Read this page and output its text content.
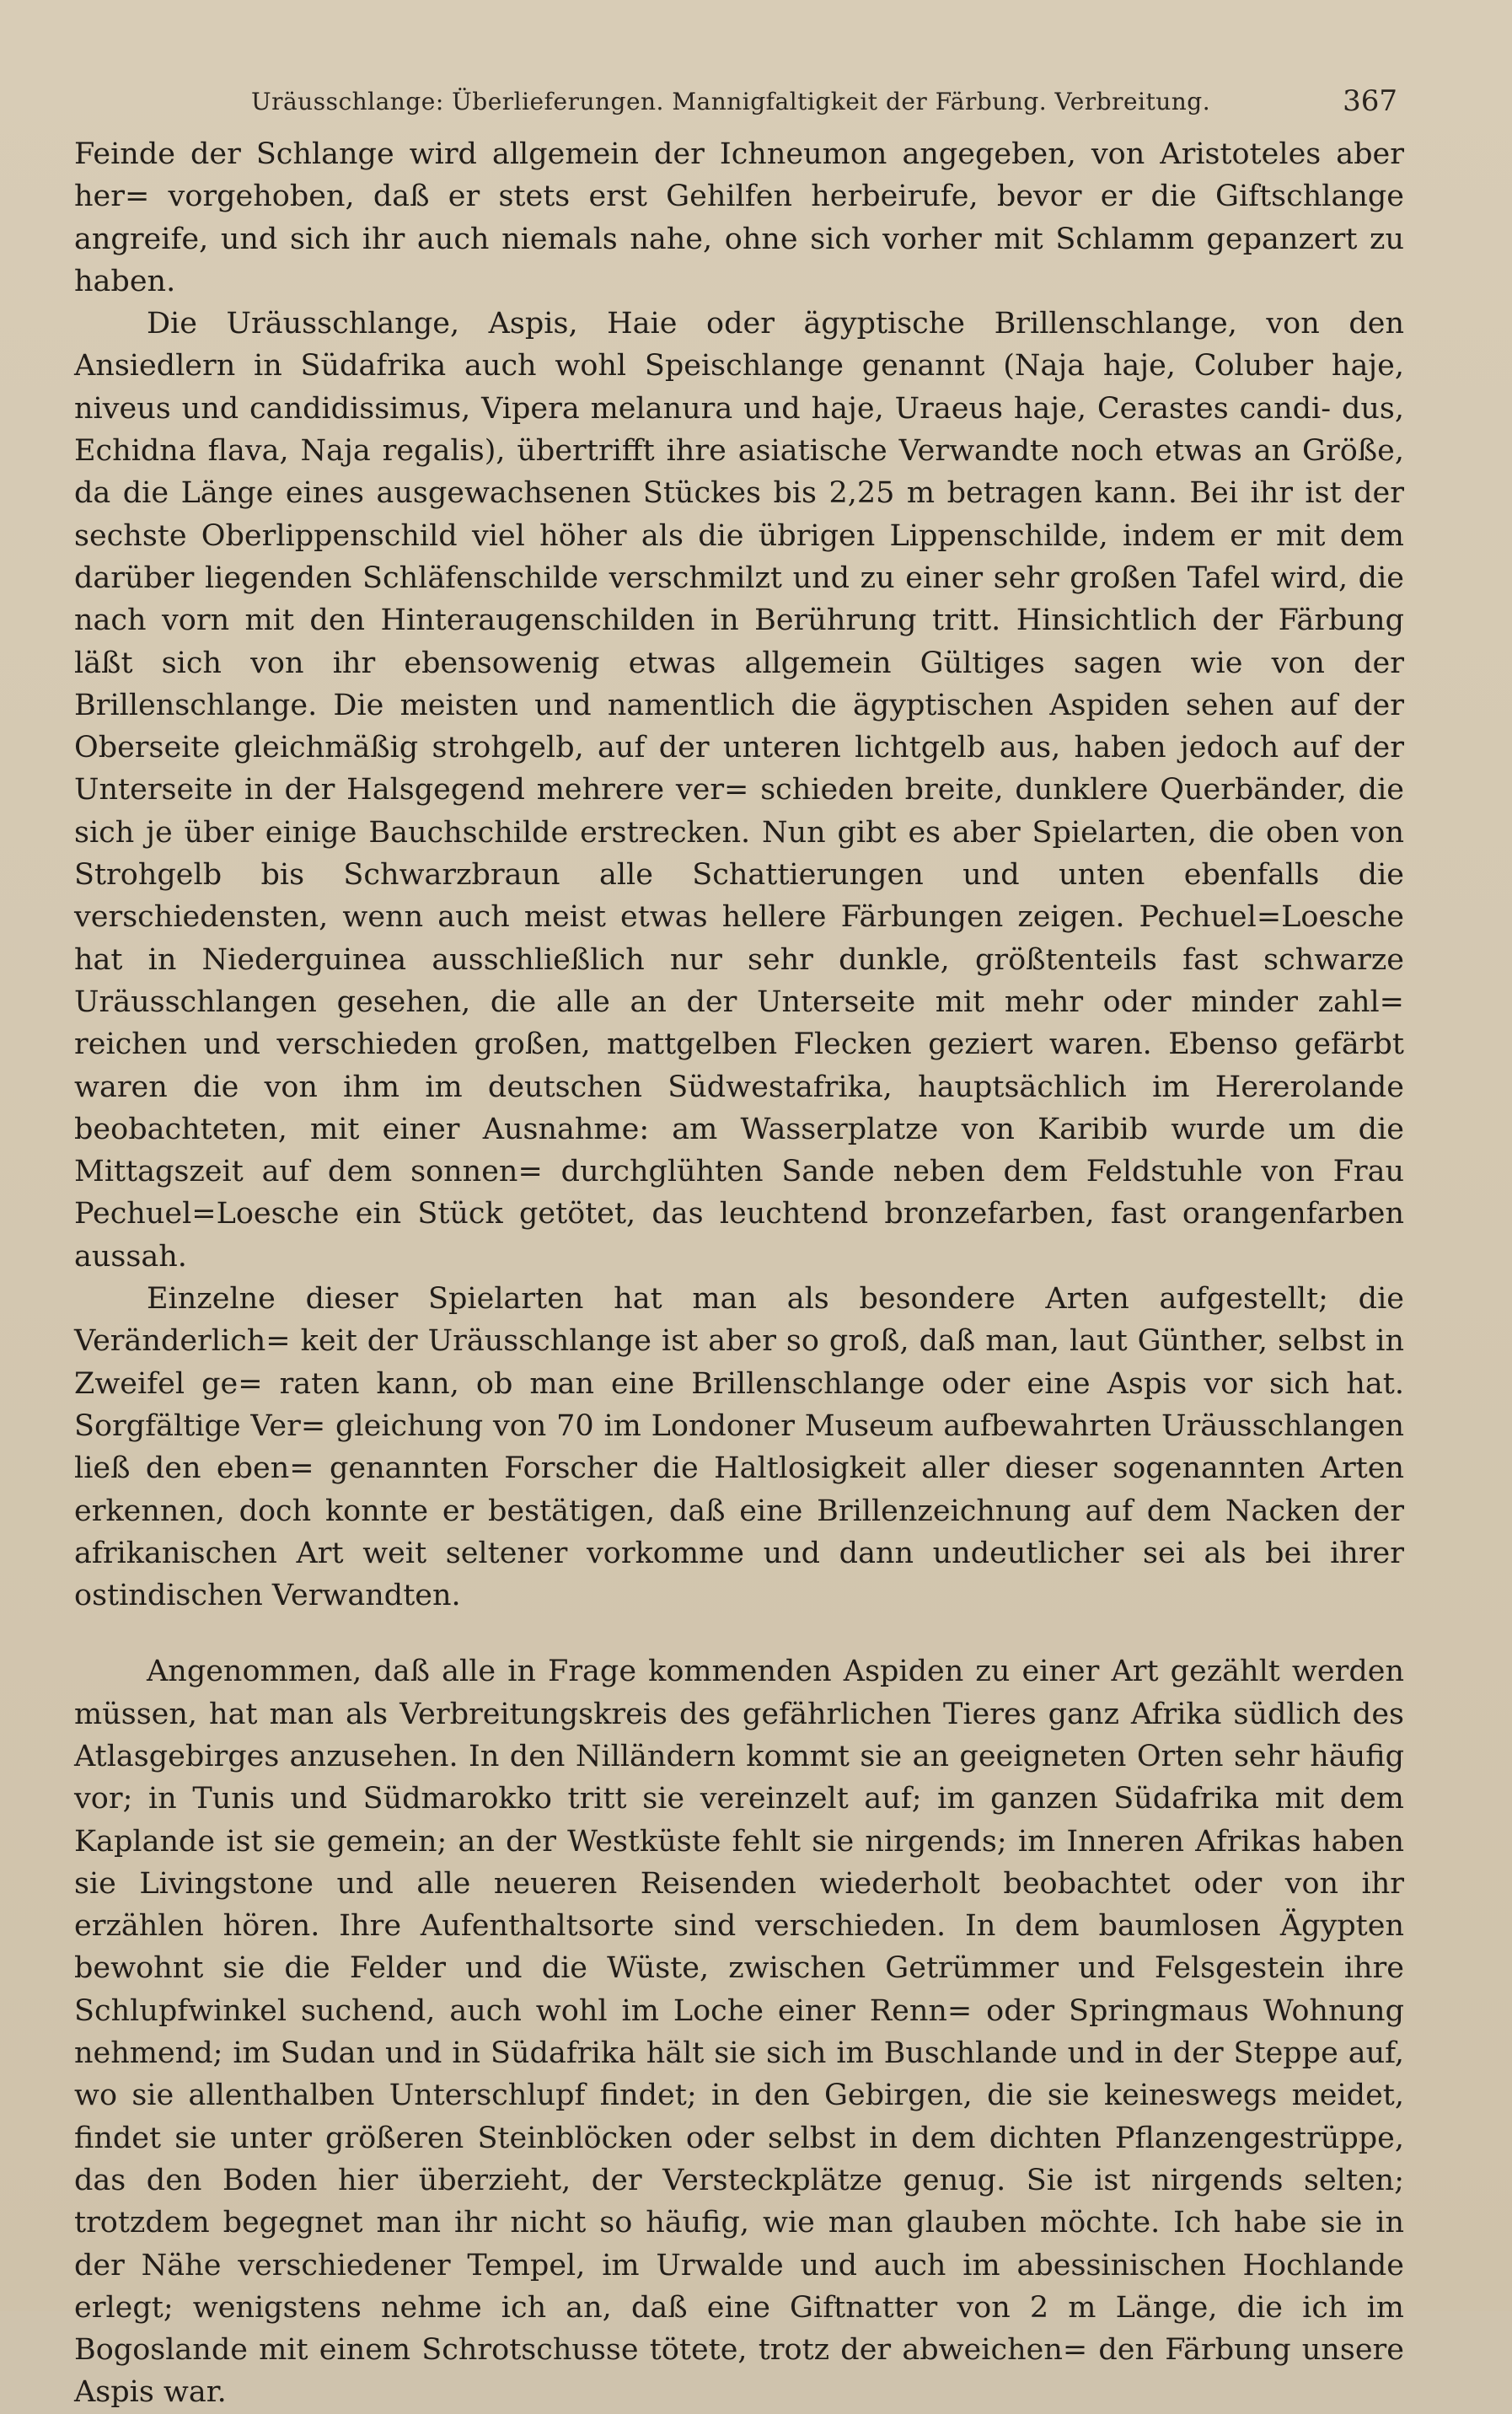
Uräusschlange: Überlieferungen. Mannigfaltigkeit der Färbung. Verbreitung.	367

Feinde der Schlange wird allgemein der Ichneumon angegeben, von Aristoteles aber her= vorgehoben, daß er stets erst Gehilfen herbeirufe, bevor er die Giftschlange angreife, und sich ihr auch niemals nahe, ohne sich vorher mit Schlamm gepanzert zu haben.

Die Uräusschlange, Aspis, Haie oder ägyptische Brillenschlange, von den Ansiedlern in Südafrika auch wohl Speischlange genannt (Naja haje, Coluber haje, niveus und candidissimus, Vipera melanura und haje, Uraeus haje, Cerastes candi- dus, Echidna flava, Naja regalis), übertrifft ihre asiatische Verwandte noch etwas an Größe, da die Länge eines ausgewachsenen Stückes bis 2,25 m betragen kann. Bei ihr ist der sechste Oberlippenschild viel höher als die übrigen Lippenschilde, indem er mit dem darüber liegenden Schläfenschilde verschmilzt und zu einer sehr großen Tafel wird, die nach vorn mit den Hinteraugenschilden in Berührung tritt. Hinsichtlich der Färbung läßt sich von ihr ebensowenig etwas allgemein Gültiges sagen wie von der Brillenschlange. Die meisten und namentlich die ägyptischen Aspiden sehen auf der Oberseite gleichmäßig strohgelb, auf der unteren lichtgelb aus, haben jedoch auf der Unterseite in der Halsgegend mehrere ver= schieden breite, dunklere Querbänder, die sich je über einige Bauchschilde erstrecken. Nun gibt es aber Spielarten, die oben von Strohgelb bis Schwarzbraun alle Schattierungen und unten ebenfalls die verschiedensten, wenn auch meist etwas hellere Färbungen zeigen. Pechuel=Loesche hat in Niederguinea ausschließlich nur sehr dunkle, größtenteils fast schwarze Uräusschlangen gesehen, die alle an der Unterseite mit mehr oder minder zahl= reichen und verschieden großen, mattgelben Flecken geziert waren. Ebenso gefärbt waren die von ihm im deutschen Südwestafrika, hauptsächlich im Hererolande beobachteten, mit einer Ausnahme: am Wasserplatze von Karibib wurde um die Mittagszeit auf dem sonnen= durchglühten Sande neben dem Feldstuhle von Frau Pechuel=Loesche ein Stück getötet, das leuchtend bronzefarben, fast orangenfarben aussah.

Einzelne dieser Spielarten hat man als besondere Arten aufgestellt; die Veränderlich= keit der Uräusschlange ist aber so groß, daß man, laut Günther, selbst in Zweifel ge= raten kann, ob man eine Brillenschlange oder eine Aspis vor sich hat. Sorgfältige Ver= gleichung von 70 im Londoner Museum aufbewahrten Uräusschlangen ließ den eben= genannten Forscher die Haltlosigkeit aller dieser sogenannten Arten erkennen, doch konnte er bestätigen, daß eine Brillenzeichnung auf dem Nacken der afrikanischen Art weit seltener vorkomme und dann undeutlicher sei als bei ihrer ostindischen Verwandten.

Angenommen, daß alle in Frage kommenden Aspiden zu einer Art gezählt werden müssen, hat man als Verbreitungskreis des gefährlichen Tieres ganz Afrika südlich des Atlasgebirges anzusehen. In den Nilländern kommt sie an geeigneten Orten sehr häufig vor; in Tunis und Südmarokko tritt sie vereinzelt auf; im ganzen Südafrika mit dem Kaplande ist sie gemein; an der Westküste fehlt sie nirgends; im Inneren Afrikas haben sie Livingstone und alle neueren Reisenden wiederholt beobachtet oder von ihr erzählen hören. Ihre Aufenthaltsorte sind verschieden. In dem baumlosen Ägypten bewohnt sie die Felder und die Wüste, zwischen Getrümmer und Felsgestein ihre Schlupfwinkel suchend, auch wohl im Loche einer Renn= oder Springmaus Wohnung nehmend; im Sudan und in Südafrika hält sie sich im Buschlande und in der Steppe auf, wo sie allenthalben Unterschlupf findet; in den Gebirgen, die sie keineswegs meidet, findet sie unter größeren Steinblöcken oder selbst in dem dichten Pflanzengestrüppe, das den Boden hier überzieht, der Versteckplätze genug. Sie ist nirgends selten; trotzdem begegnet man ihr nicht so häufig, wie man glauben möchte. Ich habe sie in der Nähe verschiedener Tempel, im Urwalde und auch im abessinischen Hochlande erlegt; wenigstens nehme ich an, daß eine Giftnatter von 2 m Länge, die ich im Bogoslande mit einem Schrotschusse tötete, trotz der abweichen= den Färbung unsere Aspis war.
